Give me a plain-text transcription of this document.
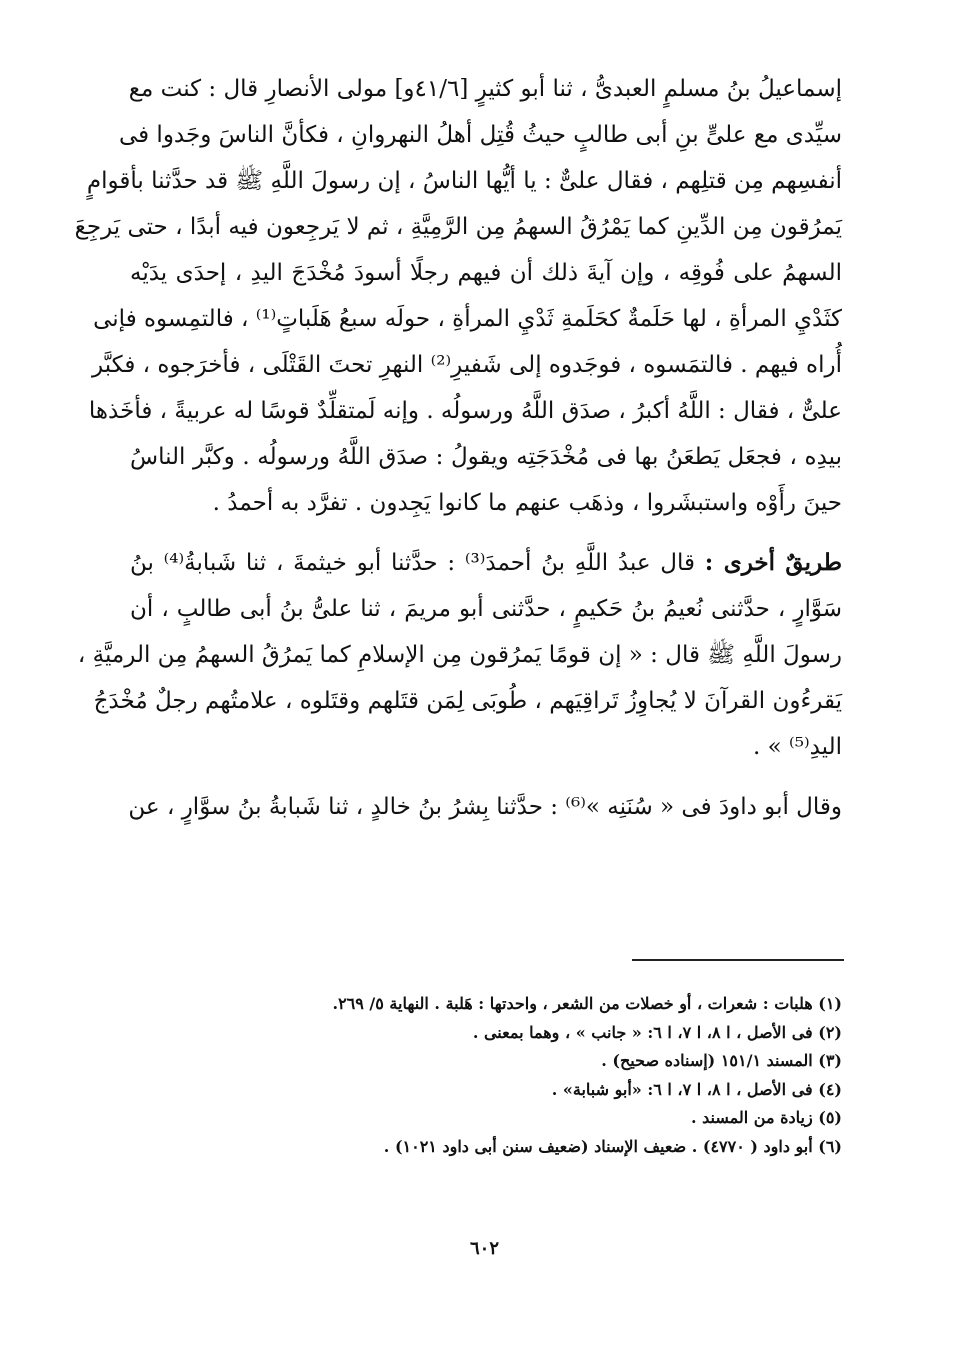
إسماعيلُ بنُ مسلمٍ العبدىُّ ، ثنا أبو كثيرٍ [٤١/٦و] مولى الأنصارِ قال : كنت مع
سيِّدى مع علىٍّ بنِ أبى طالبٍ حيثُ قُتِل أهلُ النهروانِ ، فكأنَّ الناسَ وجَدوا فى
أنفسِهم مِن قتلِهم ، فقال علىٌّ : يا أيُّها الناسُ ، إن رسولَ اللَّهِ ﷺ قد حدَّثنا بأقوامٍ
يَمرُقون مِن الدِّينِ كما يَمْرُقُ السهمُ مِن الرَّمِيَّةِ ، ثم لا يَرجِعون فيه أبدًا ، حتى يَرجِعَ
السهمُ على فُوقِه ، وإن آيةَ ذلك أن فيهم رجلًا أسودَ مُخْدَجَ اليدِ ، إحدَى يدَيْه
كثَدْيِ المرأةِ ، لها حَلَمةٌ كحَلَمةِ ثَدْيِ المرأةِ ، حولَه سبعُ هَلَباتٍ⁽¹⁾ ، فالتمِسوه فإنى
أُراه فيهم . فالتمَسوه ، فوجَدوه إلى شَفيرِ⁽²⁾ النهرِ تحتَ القَتْلَى ، فأخرَجوه ، فكبَّر
علىٌّ ، فقال : اللَّهُ أكبرُ ، صدَق اللَّهُ ورسولُه . وإنه لَمتقلِّدٌ قوسًا له عربيةً ، فأخَذها
بيدِه ، فجعَل يَطعَنُ بها فى مُخْدَجَتِه ويقولُ : صدَق اللَّهُ ورسولُه . وكبَّر الناسُ
حينَ رأَوْه واستبشَروا ، وذهَب عنهم ما كانوا يَجِدون . تفرَّد به أحمدُ .
طريقٌ أخرى : قال عبدُ اللَّهِ بنُ أحمدَ⁽³⁾ : حدَّثنا أبو خيثمةَ ، ثنا شَبابةُ⁽⁴⁾ بنُ
سَوَّارٍ ، حدَّثنى نُعيمُ بنُ حَكيمٍ ، حدَّثنى أبو مريمَ ، ثنا علىُّ بنُ أبى طالبٍ ، أن
رسولَ اللَّهِ ﷺ قال : « إن قومًا يَمرُقون مِن الإسلامِ كما يَمرُقُ السهمُ مِن الرميَّةِ ،
يَقرءُون القرآنَ لا يُجاوِزُ تَراقِيَهم ، طُوبَى لِمَن قتَلهم وقتَلوه ، علامتُهم رجلٌ مُخْدَجُ
اليدِ⁽⁵⁾ » .
وقال أبو داودَ فى « سُنَنِه »⁽⁶⁾ : حدَّثنا بِشرُ بنُ خالدٍ ، ثنا شَبابةُ بنُ سوَّارٍ ، عن
(١) هلبات : شعرات ، أو خصلات من الشعر ، واحدتها : هَلبة . النهاية ٥/ ٢٦٩.
(٢) فى الأصل ، ا ٨، ا ٧، ا ٦: « جانب » ، وهما بمعنى .
(٣) المسند ١٥١/١ (إسناده صحيح) .
(٤) فى الأصل ، ا ٨، ا ٧، ا ٦: «أبو شبابة» .
(٥) زيادة من المسند .
(٦) أبو داود ( ٤٧٧٠) . ضعيف الإسناد (ضعيف سنن أبى داود ١٠٢١) .
٦٠٢
